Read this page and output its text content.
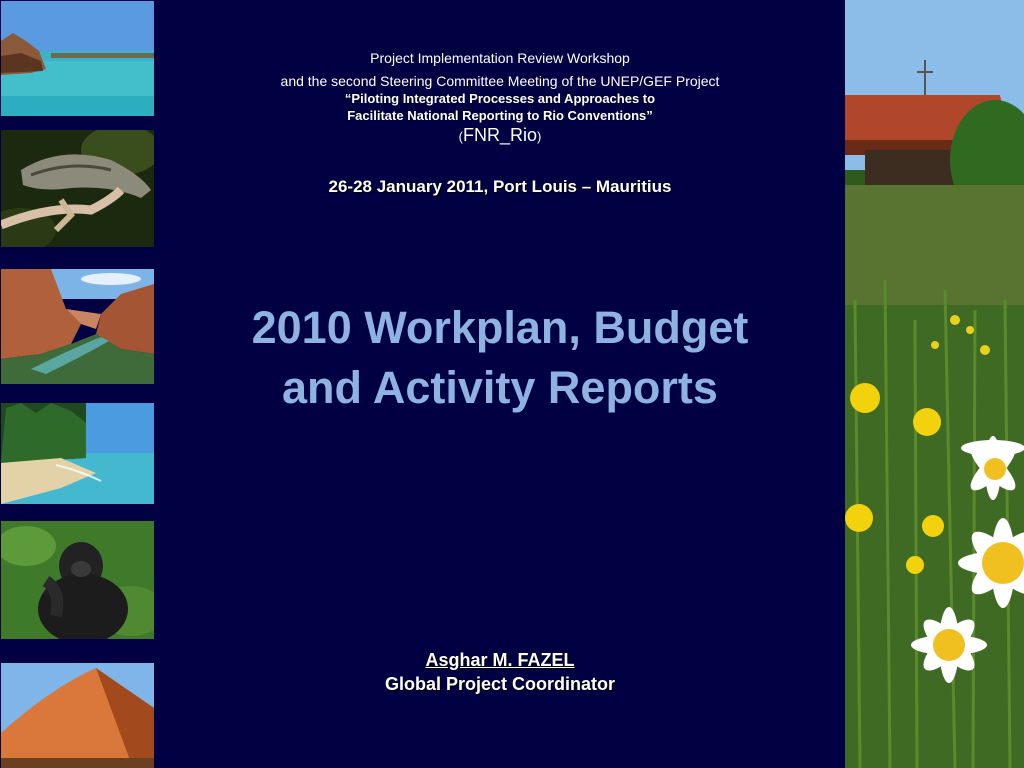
Project Implementation Review Workshop
and the second Steering Committee Meeting of the UNEP/GEF Project
“Piloting Integrated Processes and Approaches to
Facilitate National Reporting to Rio Conventions”
(FNR_Rio)
26-28 January 2011, Port Louis – Mauritius
2010 Workplan, Budget
and Activity Reports
Asghar M. FAZEL
Global Project Coordinator
